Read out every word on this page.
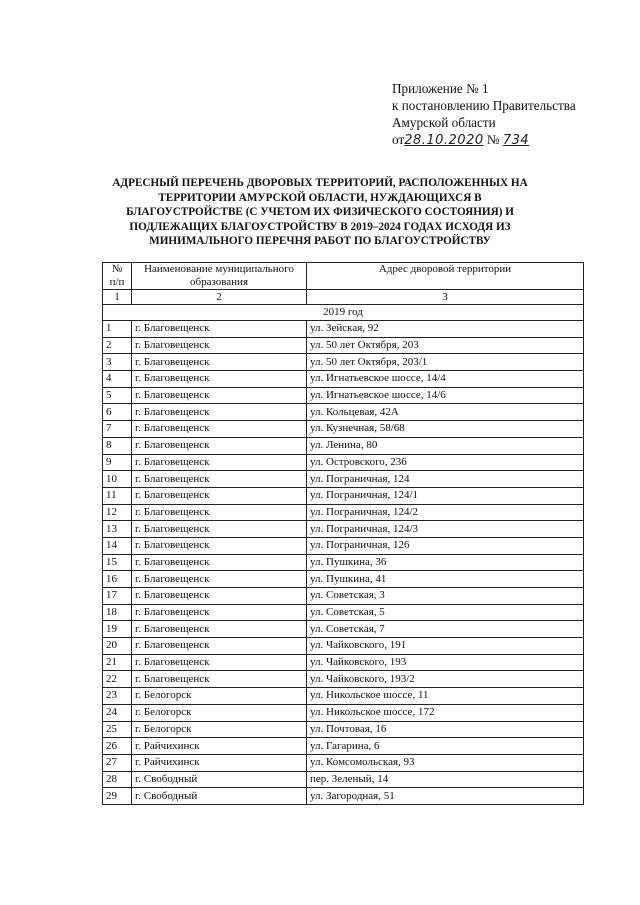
Приложение № 1
к постановлению Правительства
Амурской области
от28.10.2020 № 734
АДРЕСНЫЙ ПЕРЕЧЕНЬ ДВОРОВЫХ ТЕРРИТОРИЙ, РАСПОЛОЖЕННЫХ НА ТЕРРИТОРИИ АМУРСКОЙ ОБЛАСТИ, НУЖДАЮЩИХСЯ В БЛАГОУСТРОЙСТВЕ (С УЧЕТОМ ИХ ФИЗИЧЕСКОГО СОСТОЯНИЯ) И ПОДЛЕЖАЩИХ БЛАГОУСТРОЙСТВУ В 2019–2024 ГОДАХ ИСХОДЯ ИЗ МИНИМАЛЬНОГО ПЕРЕЧНЯ РАБОТ ПО БЛАГОУСТРОЙСТВУ
№ п/п	Наименование муниципального образования	Адрес дворовой территории
1	2	3
2019 год		
1	г. Благовещенск	ул. Зейская, 92
2	г. Благовещенск	ул. 50 лет Октября, 203
3	г. Благовещенск	ул. 50 лет Октября, 203/1
4	г. Благовещенск	ул. Игнатьевское шоссе, 14/4
5	г. Благовещенск	ул. Игнатьевское шоссе, 14/6
6	г. Благовещенск	ул. Кольцевая, 42А
7	г. Благовещенск	ул. Кузнечная, 58/68
8	г. Благовещенск	ул. Ленина, 80
9	г. Благовещенск	ул. Островского, 236
10	г. Благовещенск	ул. Пограничная, 124
11	г. Благовещенск	ул. Пограничная, 124/1
12	г. Благовещенск	ул. Пограничная, 124/2
13	г. Благовещенск	ул. Пограничная, 124/3
14	г. Благовещенск	ул. Пограничная, 126
15	г. Благовещенск	ул. Пушкина, 36
16	г. Благовещенск	ул. Пушкина, 41
17	г. Благовещенск	ул. Советская, 3
18	г. Благовещенск	ул. Советская, 5
19	г. Благовещенск	ул. Советская, 7
20	г. Благовещенск	ул. Чайковского, 191
21	г. Благовещенск	ул. Чайковского, 193
22	г. Благовещенск	ул. Чайковского, 193/2
23	г. Белогорск	ул. Никольское шоссе, 11
24	г. Белогорск	ул. Никольское шоссе, 172
25	г. Белогорск	ул. Почтовая, 16
26	г. Райчихинск	ул. Гагарина, 6
27	г. Райчихинск	ул. Комсомольская, 93
28	г. Свободный	пер. Зеленый, 14
29	г. Свободный	ул. Загородная, 51
